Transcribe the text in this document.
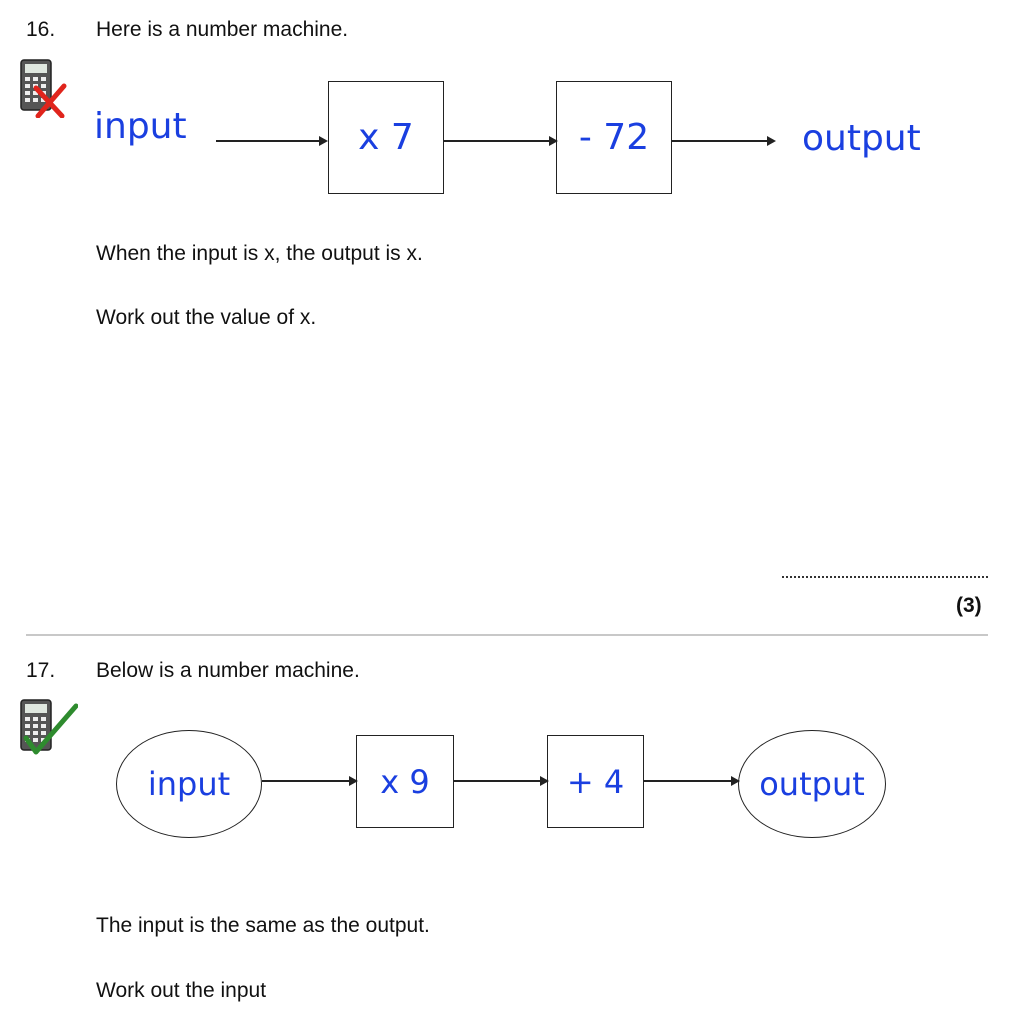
16. Here is a number machine.
input	x 7	- 72	output
When the input is x, the output is x.
Work out the value of x.
(3)
17. Below is a number machine.
input	x 9	+ 4	output
The input is the same as the output.
Work out the input
